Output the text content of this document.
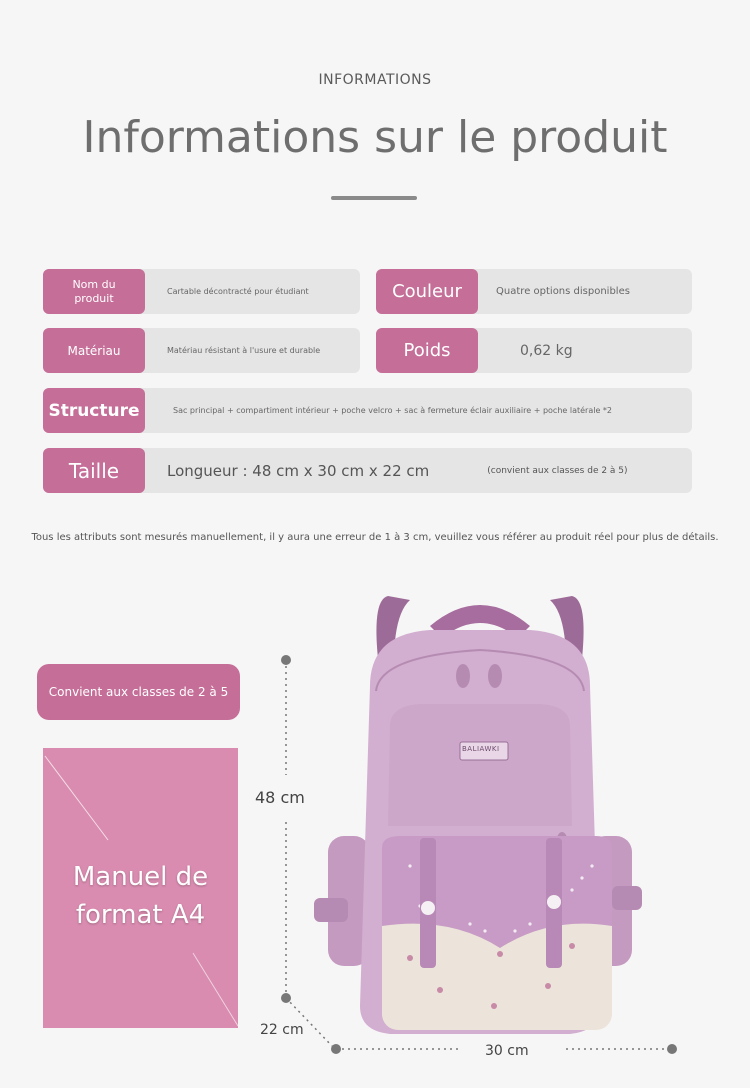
INFORMATIONS
Informations sur le produit
Nom du produit	Cartable décontracté pour étudiant	Couleur	Quatre options disponibles
Matériau	Matériau résistant à l'usure et durable	Poids	0,62 kg
Structure	Sac principal + compartiment intérieur + poche velcro + sac à fermeture éclair auxiliaire + poche latérale *2
Taille	Longueur : 48 cm x 30 cm x 22 cm	(convient aux classes de 2 à 5)
Tous les attributs sont mesurés manuellement, il y aura une erreur de 1 à 3 cm, veuillez vous référer au produit réel pour plus de détails.
Convient aux classes de 2 à 5
Manuel de format A4
48 cm
22 cm
30 cm
BALIAWKI
